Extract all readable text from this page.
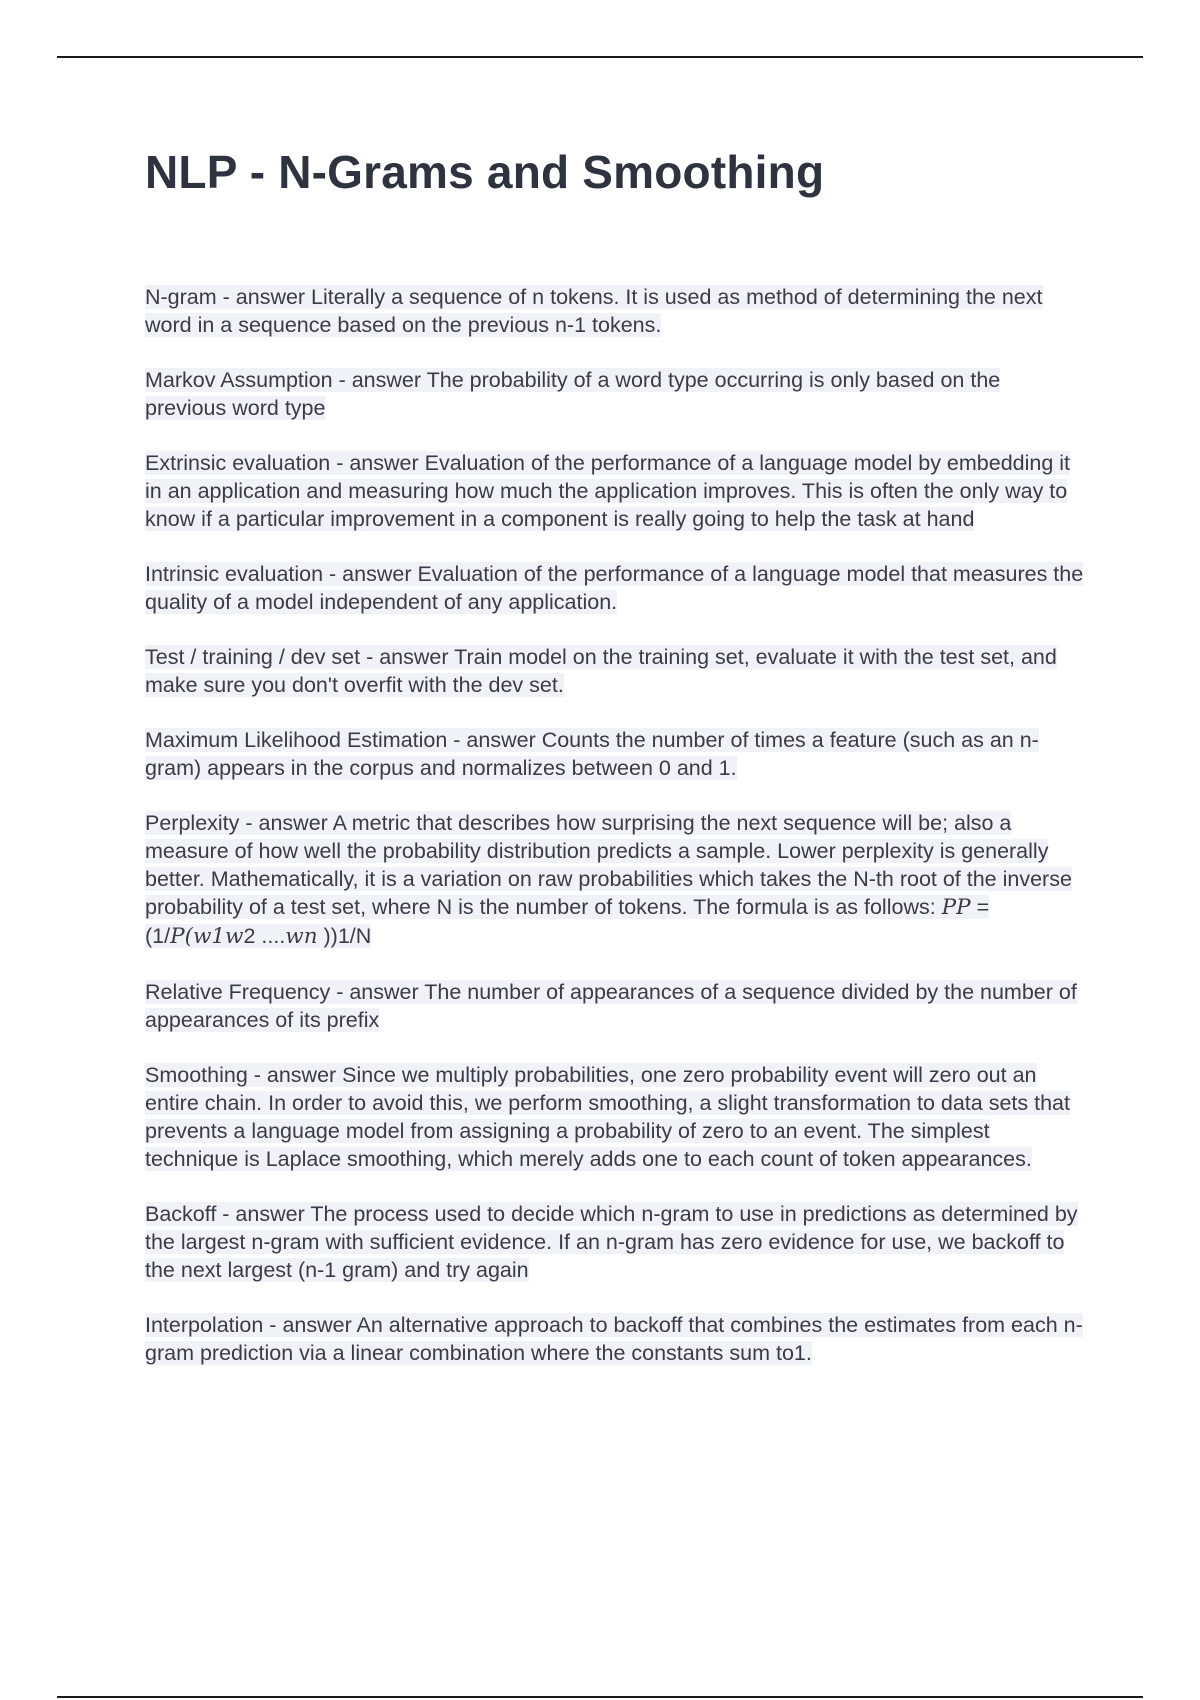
NLP - N-Grams and Smoothing

N-gram - answer Literally a sequence of n tokens. It is used as method of determining the next word in a sequence based on the previous n-1 tokens.

Markov Assumption - answer The probability of a word type occurring is only based on the previous word type

Extrinsic evaluation - answer Evaluation of the performance of a language model by embedding it in an application and measuring how much the application improves. This is often the only way to know if a particular improvement in a component is really going to help the task at hand

Intrinsic evaluation - answer Evaluation of the performance of a language model that measures the quality of a model independent of any application.

Test / training / dev set - answer Train model on the training set, evaluate it with the test set, and make sure you don't overfit with the dev set.

Maximum Likelihood Estimation - answer Counts the number of times a feature (such as an n-gram) appears in the corpus and normalizes between 0 and 1.

Perplexity - answer A metric that describes how surprising the next sequence will be; also a measure of how well the probability distribution predicts a sample. Lower perplexity is generally better. Mathematically, it is a variation on raw probabilities which takes the N-th root of the inverse probability of a test set, where N is the number of tokens. The formula is as follows: PP = (1/P(w1w2 ....wn ))1/N

Relative Frequency - answer The number of appearances of a sequence divided by the number of appearances of its prefix

Smoothing - answer Since we multiply probabilities, one zero probability event will zero out an entire chain. In order to avoid this, we perform smoothing, a slight transformation to data sets that prevents a language model from assigning a probability of zero to an event. The simplest technique is Laplace smoothing, which merely adds one to each count of token appearances.

Backoff - answer The process used to decide which n-gram to use in predictions as determined by the largest n-gram with sufficient evidence. If an n-gram has zero evidence for use, we backoff to the next largest (n-1 gram) and try again

Interpolation - answer An alternative approach to backoff that combines the estimates from each n-gram prediction via a linear combination where the constants sum to1.
